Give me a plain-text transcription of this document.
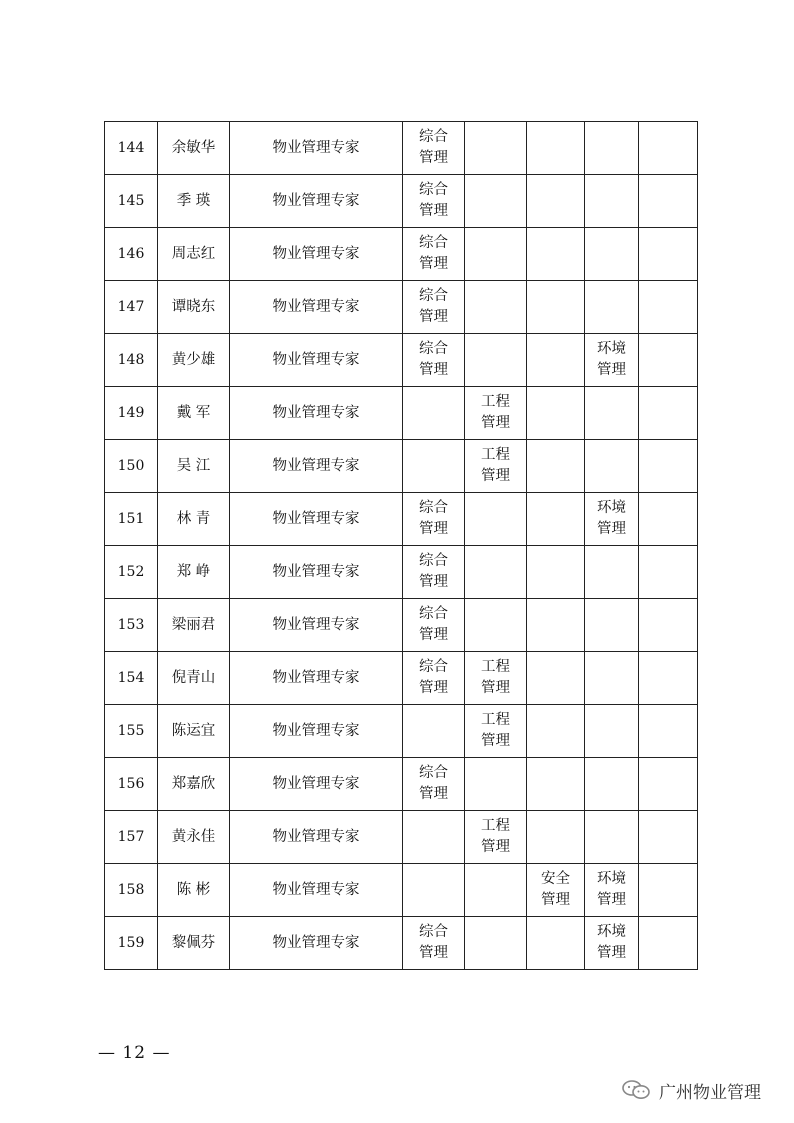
144	余敏华	物业管理专家	综合管理				
145	季 瑛	物业管理专家	综合管理				
146	周志红	物业管理专家	综合管理				
147	谭晓东	物业管理专家	综合管理				
148	黄少雄	物业管理专家	综合管理			环境管理	
149	戴 军	物业管理专家		工程管理			
150	吴 江	物业管理专家		工程管理			
151	林 青	物业管理专家	综合管理			环境管理	
152	郑 峥	物业管理专家	综合管理				
153	梁丽君	物业管理专家	综合管理				
154	倪青山	物业管理专家	综合管理	工程管理			
155	陈运宜	物业管理专家		工程管理			
156	郑嘉欣	物业管理专家	综合管理				
157	黄永佳	物业管理专家		工程管理			
158	陈 彬	物业管理专家			安全管理	环境管理	
159	黎佩芬	物业管理专家	综合管理			环境管理	
— 12 —
广州物业管理
